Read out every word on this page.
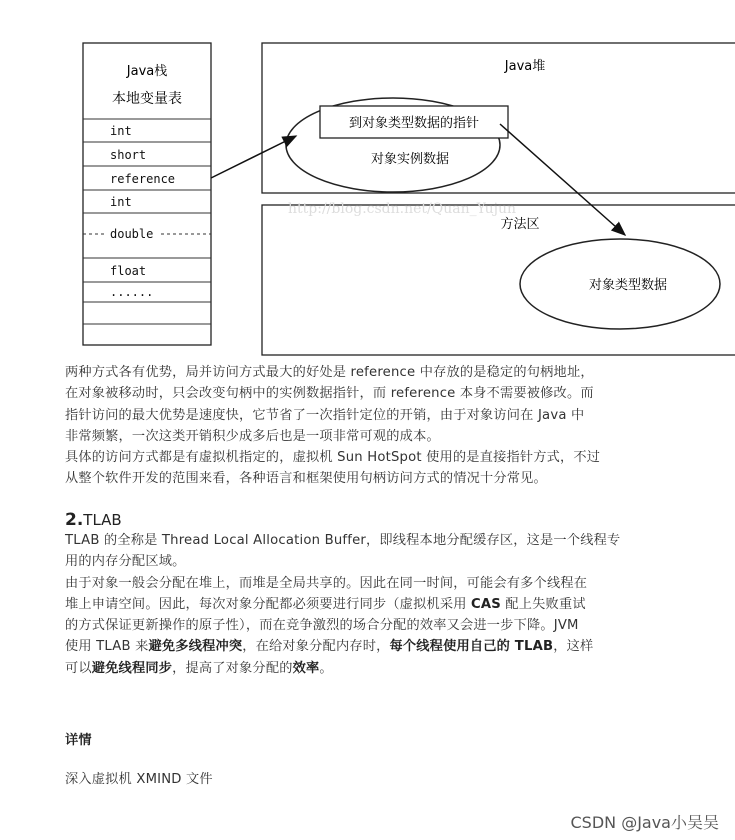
Java栈
本地变量表
int
short
reference
int
double
float
......
Java堆
到对象类型数据的指针
对象实例数据
方法区
对象类型数据
http://blog.csdn.net/Quan_Yujun

两种方式各有优势，局并访问方式最大的好处是 reference 中存放的是稳定的句柄地址，

在对象被移动时，只会改变句柄中的实例数据指针，而 reference 本身不需要被修改。而

指针访问的最大优势是速度快，它节省了一次指针定位的开销，由于对象访问在 Java 中

非常频繁，一次这类开销积少成多后也是一项非常可观的成本。

具体的访问方式都是有虚拟机指定的，虚拟机 Sun HotSpot 使用的是直接指针方式，不过

从整个软件开发的范围来看，各种语言和框架使用句柄访问方式的情况十分常见。

2.TLAB

TLAB 的全称是 Thread Local Allocation Buffer，即线程本地分配缓存区，这是一个线程专

用的内存分配区域。

由于对象一般会分配在堆上，而堆是全局共享的。因此在同一时间，可能会有多个线程在

堆上申请空间。因此，每次对象分配都必须要进行同步（虚拟机采用 CAS 配上失败重试

的方式保证更新操作的原子性），而在竞争激烈的场合分配的效率又会进一步下降。JVM

使用 TLAB 来避免多线程冲突，在给对象分配内存时，每个线程使用自己的 TLAB，这样

可以避免线程同步，提高了对象分配的效率。

详情
深入虚拟机 XMIND 文件
CSDN @Java小吴吴
